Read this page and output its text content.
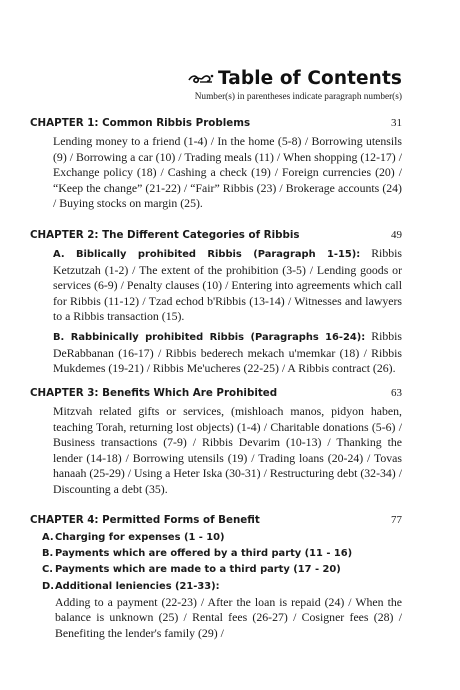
Table of Contents
Number(s) in parentheses indicate paragraph number(s)
CHAPTER 1: Common Ribbis Problems	31
Lending money to a friend (1-4) / In the home (5-8) / Borrowing utensils (9) / Borrowing a car (10) / Trading meals (11) / When shopping (12-17) / Exchange policy (18) / Cashing a check (19) / Foreign currencies (20) / “Keep the change” (21-22) / “Fair” Ribbis (23) / Brokerage accounts (24) / Buying stocks on margin (25).
CHAPTER 2: The Different Categories of Ribbis	49
A. Biblically prohibited Ribbis (Paragraph 1-15): Ribbis Ketzutzah (1-2) / The extent of the prohibition (3-5) / Lending goods or services (6-9) / Penalty clauses (10) / Entering into agreements which call for Ribbis (11-12) / Tzad echod b'Ribbis (13-14) / Witnesses and lawyers to a Ribbis transaction (15).
B. Rabbinically prohibited Ribbis (Paragraphs 16-24): Ribbis DeRabbanan (16-17) / Ribbis bederech mekach u'memkar (18) / Ribbis Mukdemes (19-21) / Ribbis Me'ucheres (22-25) / A Ribbis contract (26).
CHAPTER 3: Benefits Which Are Prohibited	63
Mitzvah related gifts or services, (mishloach manos, pidyon haben, teaching Torah, returning lost objects) (1-4) / Charitable donations (5-6) / Business transactions (7-9) / Ribbis Devarim (10-13) / Thanking the lender (14-18) / Borrowing utensils (19) / Trading loans (20-24) / Tovas hanaah (25-29) / Using a Heter Iska (30-31) / Restructuring debt (32-34) / Discounting a debt (35).
CHAPTER 4: Permitted Forms of Benefit	77
A.Charging for expenses (1 - 10)
B. Payments which are offered by a third party (11 - 16)
C. Payments which are made to a third party (17 - 20)
D.Additional leniencies (21-33):
Adding to a payment (22-23) / After the loan is repaid (24) / When the balance is unknown (25) / Rental fees (26-27) / Cosigner fees (28) / Benefiting the lender's family (29) /
